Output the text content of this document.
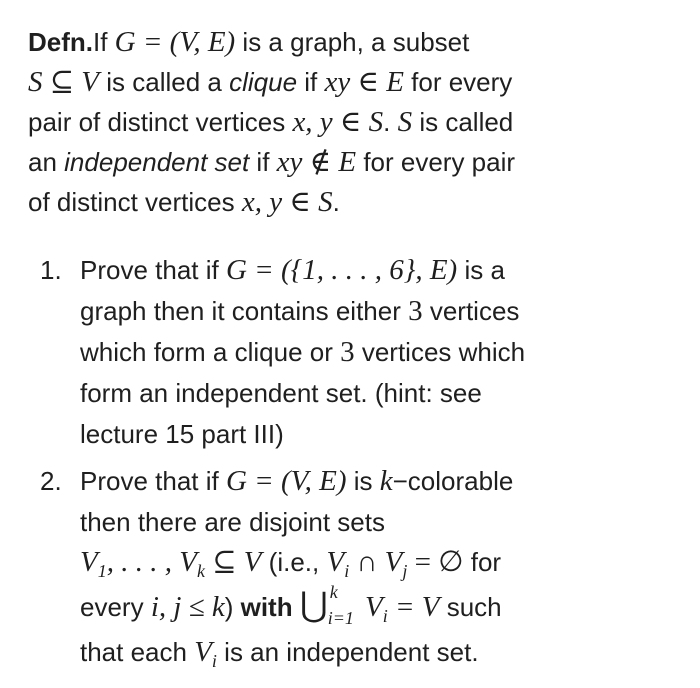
Defn.If G = (V, E) is a graph, a subset
S ⊆ V is called a clique if xy ∈ E for every
pair of distinct vertices x, y ∈ S. S is called
an independent set if xy ∉ E for every pair
of distinct vertices x, y ∈ S.
1. Prove that if G = ({1, . . . , 6}, E) is a
graph then it contains either 3 vertices
which form a clique or 3 vertices which
form an independent set. (hint: see
lecture 15 part III)
2. Prove that if G = (V, E) is k−colorable
then there are disjoint sets
$V_1$, . . . , $V_k$ ⊆ V (i.e., $V_i$ ∩ $V_j$ = ∅ for
every i, j ≤ k) with ⋃ k
i=1 $V_i = V$ such
that each $V_i$ is an independent set.
